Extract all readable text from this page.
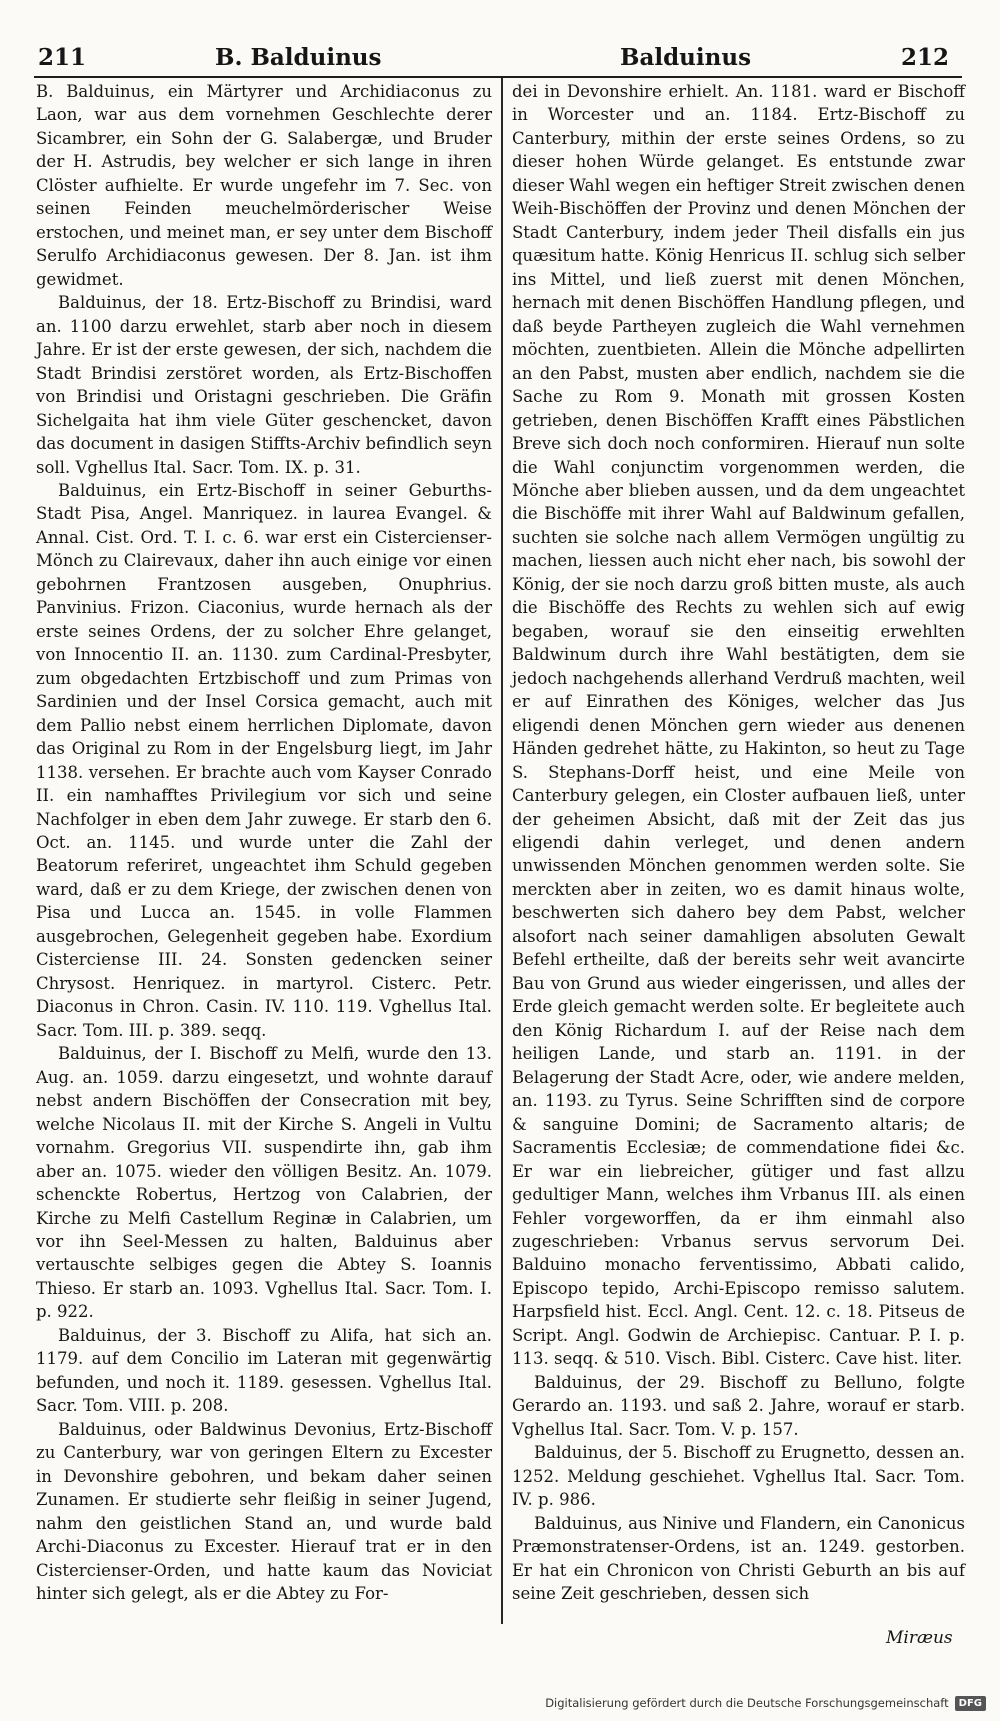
211	B. Balduinus	Balduinus	212

B. Balduinus, ein Märtyrer und Archidiaconus zu Laon, war aus dem vornehmen Geschlechte derer Sicambrer, ein Sohn der G. Salabergæ, und Bruder der H. Astrudis, bey welcher er sich lange in ihren Clöster aufhielte. Er wurde ungefehr im 7. Sec. von seinen Feinden meuchelmörderischer Weise erstochen, und meinet man, er sey unter dem Bischoff Serulfo Archidiaconus gewesen. Der 8. Jan. ist ihm gewidmet.

Balduinus, der 18. Ertz-Bischoff zu Brindisi, ward an. 1100 darzu erwehlet, starb aber noch in diesem Jahre. Er ist der erste gewesen, der sich, nachdem die Stadt Brindisi zerstöret worden, als Ertz-Bischoffen von Brindisi und Oristagni geschrieben. Die Gräfin Sichelgaita hat ihm viele Güter geschencket, davon das document in dasigen Stiffts-Archiv befindlich seyn soll. Vghellus Ital. Sacr. Tom. IX. p. 31.

Balduinus, ein Ertz-Bischoff in seiner Geburths-Stadt Pisa, Angel. Manriquez. in laurea Evangel. & Annal. Cist. Ord. T. I. c. 6. war erst ein Cistercienser-Mönch zu Clairevaux, daher ihn auch einige vor einen gebohrnen Frantzosen ausgeben, Onuphrius. Panvinius. Frizon. Ciaconius, wurde hernach als der erste seines Ordens, der zu solcher Ehre gelanget, von Innocentio II. an. 1130. zum Cardinal-Presbyter, zum obgedachten Ertzbischoff und zum Primas von Sardinien und der Insel Corsica gemacht, auch mit dem Pallio nebst einem herrlichen Diplomate, davon das Original zu Rom in der Engelsburg liegt, im Jahr 1138. versehen. Er brachte auch vom Kayser Conrado II. ein namhafftes Privilegium vor sich und seine Nachfolger in eben dem Jahr zuwege. Er starb den 6. Oct. an. 1145. und wurde unter die Zahl der Beatorum referiret, ungeachtet ihm Schuld gegeben ward, daß er zu dem Kriege, der zwischen denen von Pisa und Lucca an. 1545. in volle Flammen ausgebrochen, Gelegenheit gegeben habe. Exordium Cisterciense III. 24. Sonsten gedencken seiner Chrysost. Henriquez. in martyrol. Cisterc. Petr. Diaconus in Chron. Casin. IV. 110. 119. Vghellus Ital. Sacr. Tom. III. p. 389. seqq.

Balduinus, der I. Bischoff zu Melfi, wurde den 13. Aug. an. 1059. darzu eingesetzt, und wohnte darauf nebst andern Bischöffen der Consecration mit bey, welche Nicolaus II. mit der Kirche S. Angeli in Vultu vornahm. Gregorius VII. suspendirte ihn, gab ihm aber an. 1075. wieder den völligen Besitz. An. 1079. schenckte Robertus, Hertzog von Calabrien, der Kirche zu Melfi Castellum Reginæ in Calabrien, um vor ihn Seel-Messen zu halten, Balduinus aber vertauschte selbiges gegen die Abtey S. Ioannis Thieso. Er starb an. 1093. Vghellus Ital. Sacr. Tom. I. p. 922.

Balduinus, der 3. Bischoff zu Alifa, hat sich an. 1179. auf dem Concilio im Lateran mit gegenwärtig befunden, und noch it. 1189. gesessen. Vghellus Ital. Sacr. Tom. VIII. p. 208.

Balduinus, oder Baldwinus Devonius, Ertz-Bischoff zu Canterbury, war von geringen Eltern zu Excester in Devonshire gebohren, und bekam daher seinen Zunamen. Er studierte sehr fleißig in seiner Jugend, nahm den geistlichen Stand an, und wurde bald Archi-Diaconus zu Excester. Hierauf trat er in den Cistercienser-Orden, und hatte kaum das Noviciat hinter sich gelegt, als er die Abtey zu For-

dei in Devonshire erhielt. An. 1181. ward er Bischoff in Worcester und an. 1184. Ertz-Bischoff zu Canterbury, mithin der erste seines Ordens, so zu dieser hohen Würde gelanget. Es entstunde zwar dieser Wahl wegen ein heftiger Streit zwischen denen Weih-Bischöffen der Provinz und denen Mönchen der Stadt Canterbury, indem jeder Theil disfalls ein jus quæsitum hatte. König Henricus II. schlug sich selber ins Mittel, und ließ zuerst mit denen Mönchen, hernach mit denen Bischöffen Handlung pflegen, und daß beyde Partheyen zugleich die Wahl vernehmen möchten, zuentbieten. Allein die Mönche adpellirten an den Pabst, musten aber endlich, nachdem sie die Sache zu Rom 9. Monath mit grossen Kosten getrieben, denen Bischöffen Krafft eines Päbstlichen Breve sich doch noch conformiren. Hierauf nun solte die Wahl conjunctim vorgenommen werden, die Mönche aber blieben aussen, und da dem ungeachtet die Bischöffe mit ihrer Wahl auf Baldwinum gefallen, suchten sie solche nach allem Vermögen ungültig zu machen, liessen auch nicht eher nach, bis sowohl der König, der sie noch darzu groß bitten muste, als auch die Bischöffe des Rechts zu wehlen sich auf ewig begaben, worauf sie den einseitig erwehlten Baldwinum durch ihre Wahl bestätigten, dem sie jedoch nachgehends allerhand Verdruß machten, weil er auf Einrathen des Königes, welcher das Jus eligendi denen Mönchen gern wieder aus denenen Händen gedrehet hätte, zu Hakinton, so heut zu Tage S. Stephans-Dorff heist, und eine Meile von Canterbury gelegen, ein Closter aufbauen ließ, unter der geheimen Absicht, daß mit der Zeit das jus eligendi dahin verleget, und denen andern unwissenden Mönchen genommen werden solte. Sie merckten aber in zeiten, wo es damit hinaus wolte, beschwerten sich dahero bey dem Pabst, welcher alsofort nach seiner damahligen absoluten Gewalt Befehl ertheilte, daß der bereits sehr weit avancirte Bau von Grund aus wieder eingerissen, und alles der Erde gleich gemacht werden solte. Er begleitete auch den König Richardum I. auf der Reise nach dem heiligen Lande, und starb an. 1191. in der Belagerung der Stadt Acre, oder, wie andere melden, an. 1193. zu Tyrus. Seine Schrifften sind de corpore & sanguine Domini; de Sacramento altaris; de Sacramentis Ecclesiæ; de commendatione fidei &c. Er war ein liebreicher, gütiger und fast allzu gedultiger Mann, welches ihm Vrbanus III. als einen Fehler vorgeworffen, da er ihm einmahl also zugeschrieben: Vrbanus servus servorum Dei. Balduino monacho ferventissimo, Abbati calido, Episcopo tepido, Archi-Episcopo remisso salutem. Harpsfield hist. Eccl. Angl. Cent. 12. c. 18. Pitseus de Script. Angl. Godwin de Archiepisc. Cantuar. P. I. p. 113. seqq. & 510. Visch. Bibl. Cisterc. Cave hist. liter.

Balduinus, der 29. Bischoff zu Belluno, folgte Gerardo an. 1193. und saß 2. Jahre, worauf er starb. Vghellus Ital. Sacr. Tom. V. p. 157.

Balduinus, der 5. Bischoff zu Erugnetto, dessen an. 1252. Meldung geschiehet. Vghellus Ital. Sacr. Tom. IV. p. 986.

Balduinus, aus Ninive und Flandern, ein Canonicus Præmonstratenser-Ordens, ist an. 1249. gestorben. Er hat ein Chronicon von Christi Geburth an bis auf seine Zeit geschrieben, dessen sich

Miræus
Digitalisierung gefördert durch die Deutsche Forschungsgemeinschaft	DFG
